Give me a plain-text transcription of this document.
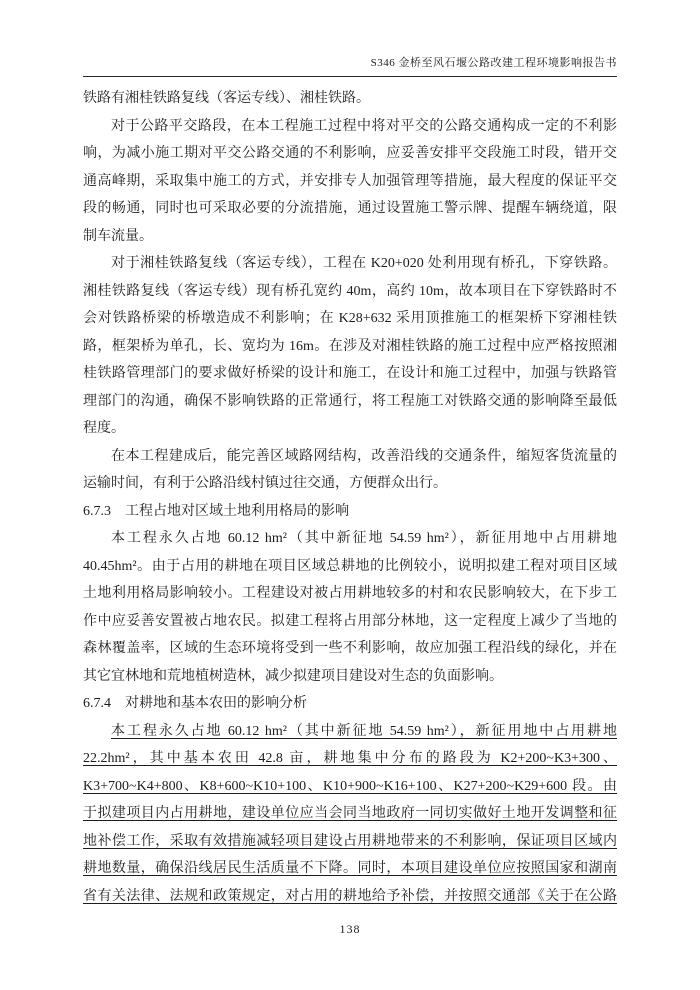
S346 金桥至风石堰公路改建工程环境影响报告书
铁路有湘桂铁路复线（客运专线）、湘桂铁路。
对于公路平交路段，在本工程施工过程中将对平交的公路交通构成一定的不利影
响，为减小施工期对平交公路交通的不利影响，应妥善安排平交段施工时段，错开交
通高峰期，采取集中施工的方式，并安排专人加强管理等措施，最大程度的保证平交
段的畅通，同时也可采取必要的分流措施，通过设置施工警示牌、提醒车辆绕道，限
制车流量。
对于湘桂铁路复线（客运专线），工程在 K20+020 处利用现有桥孔，下穿铁路。
湘桂铁路复线（客运专线）现有桥孔宽约 40m，高约 10m，故本项目在下穿铁路时不
会对铁路桥梁的桥墩造成不利影响；在 K28+632 采用顶推施工的框架桥下穿湘桂铁
路，框架桥为单孔，长、宽均为 16m。在涉及对湘桂铁路的施工过程中应严格按照湘
桂铁路管理部门的要求做好桥梁的设计和施工，在设计和施工过程中，加强与铁路管
理部门的沟通，确保不影响铁路的正常通行，将工程施工对铁路交通的影响降至最低
程度。
在本工程建成后，能完善区域路网结构，改善沿线的交通条件，缩短客货流量的
运输时间，有利于公路沿线村镇过往交通，方便群众出行。
6.7.3　工程占地对区域土地利用格局的影响
本工程永久占地 60.12 hm²（其中新征地 54.59 hm²），新征用地中占用耕地
40.45hm²。由于占用的耕地在项目区域总耕地的比例较小，说明拟建工程对项目区域
土地利用格局影响较小。工程建设对被占用耕地较多的村和农民影响较大，在下步工
作中应妥善安置被占地农民。拟建工程将占用部分林地，这一定程度上减少了当地的
森林覆盖率，区域的生态环境将受到一些不利影响，故应加强工程沿线的绿化，并在
其它宜林地和荒地植树造林，减少拟建项目建设对生态的负面影响。
6.7.4　对耕地和基本农田的影响分析
本工程永久占地 60.12 hm²（其中新征地 54.59 hm²），新征用地中占用耕地
22.2hm²，其中基本农田 42.8 亩，耕地集中分布的路段为 K2+200~K3+300、
K3+700~K4+800、K8+600~K10+100、K10+900~K16+100、K27+200~K29+600 段。由
于拟建项目内占用耕地，建设单位应当会同当地政府一同切实做好土地开发调整和征
地补偿工作，采取有效措施减轻项目建设占用耕地带来的不利影响，保证项目区域内
耕地数量，确保沿线居民生活质量不下降。同时，本项目建设单位应按照国家和湖南
省有关法律、法规和政策规定，对占用的耕地给予补偿，并按照交通部《关于在公路
138
